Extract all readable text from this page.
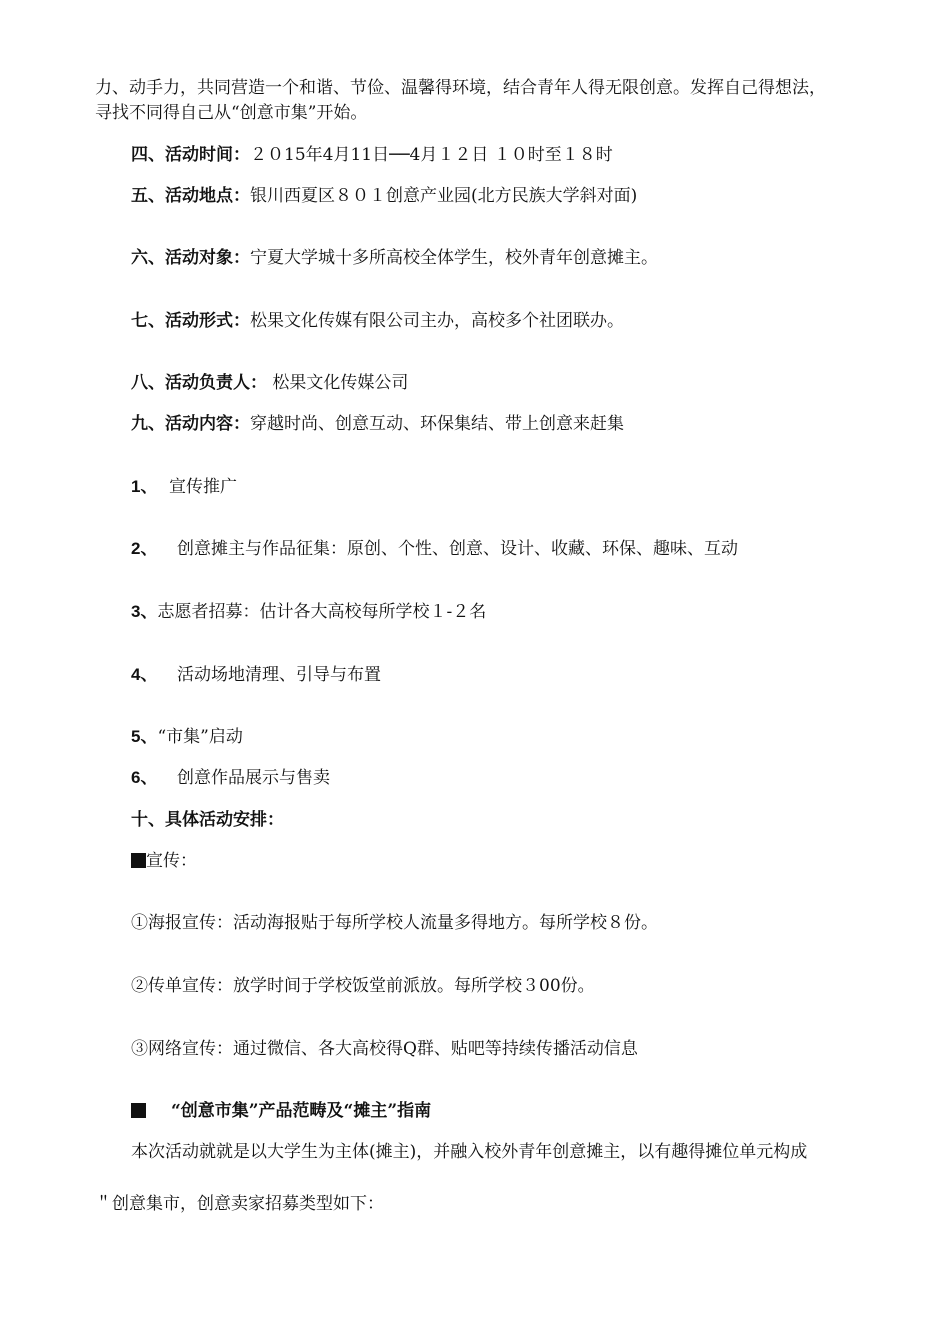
力、动手力，共同营造一个和谐、节俭、温馨得环境，结合青年人得无限创意。发挥自己得想法，
寻找不同得自己从“创意市集”开始。
四、活动时间：２０15年4月11日──4月１２日 １０时至１８时
五、活动地点：银川西夏区８０１创意产业园(北方民族大学斜对面)
六、活动对象：宁夏大学城十多所高校全体学生，校外青年创意摊主。
七、活动形式：松果文化传媒有限公司主办，高校多个社团联办。
八、活动负责人： 松果文化传媒公司
九、活动内容：穿越时尚、创意互动、环保集结、带上创意来赶集
1、 宣传推广
2、 创意摊主与作品征集：原创、个性、创意、设计、收藏、环保、趣味、互动
3、志愿者招募：估计各大高校每所学校１-２名
4、 活动场地清理、引导与布置
5、“市集”启动
6、 创意作品展示与售卖
十、具体活动安排：
宣传：
①海报宣传：活动海报贴于每所学校人流量多得地方。每所学校８份。
②传单宣传：放学时间于学校饭堂前派放。每所学校３00份。
③网络宣传：通过微信、各大高校得Q群、贴吧等持续传播活动信息
“创意市集”产品范畴及“摊主”指南
本次活动就就是以大学生为主体(摊主)，并融入校外青年创意摊主，以有趣得摊位单元构成
＂创意集市，创意卖家招募类型如下：
